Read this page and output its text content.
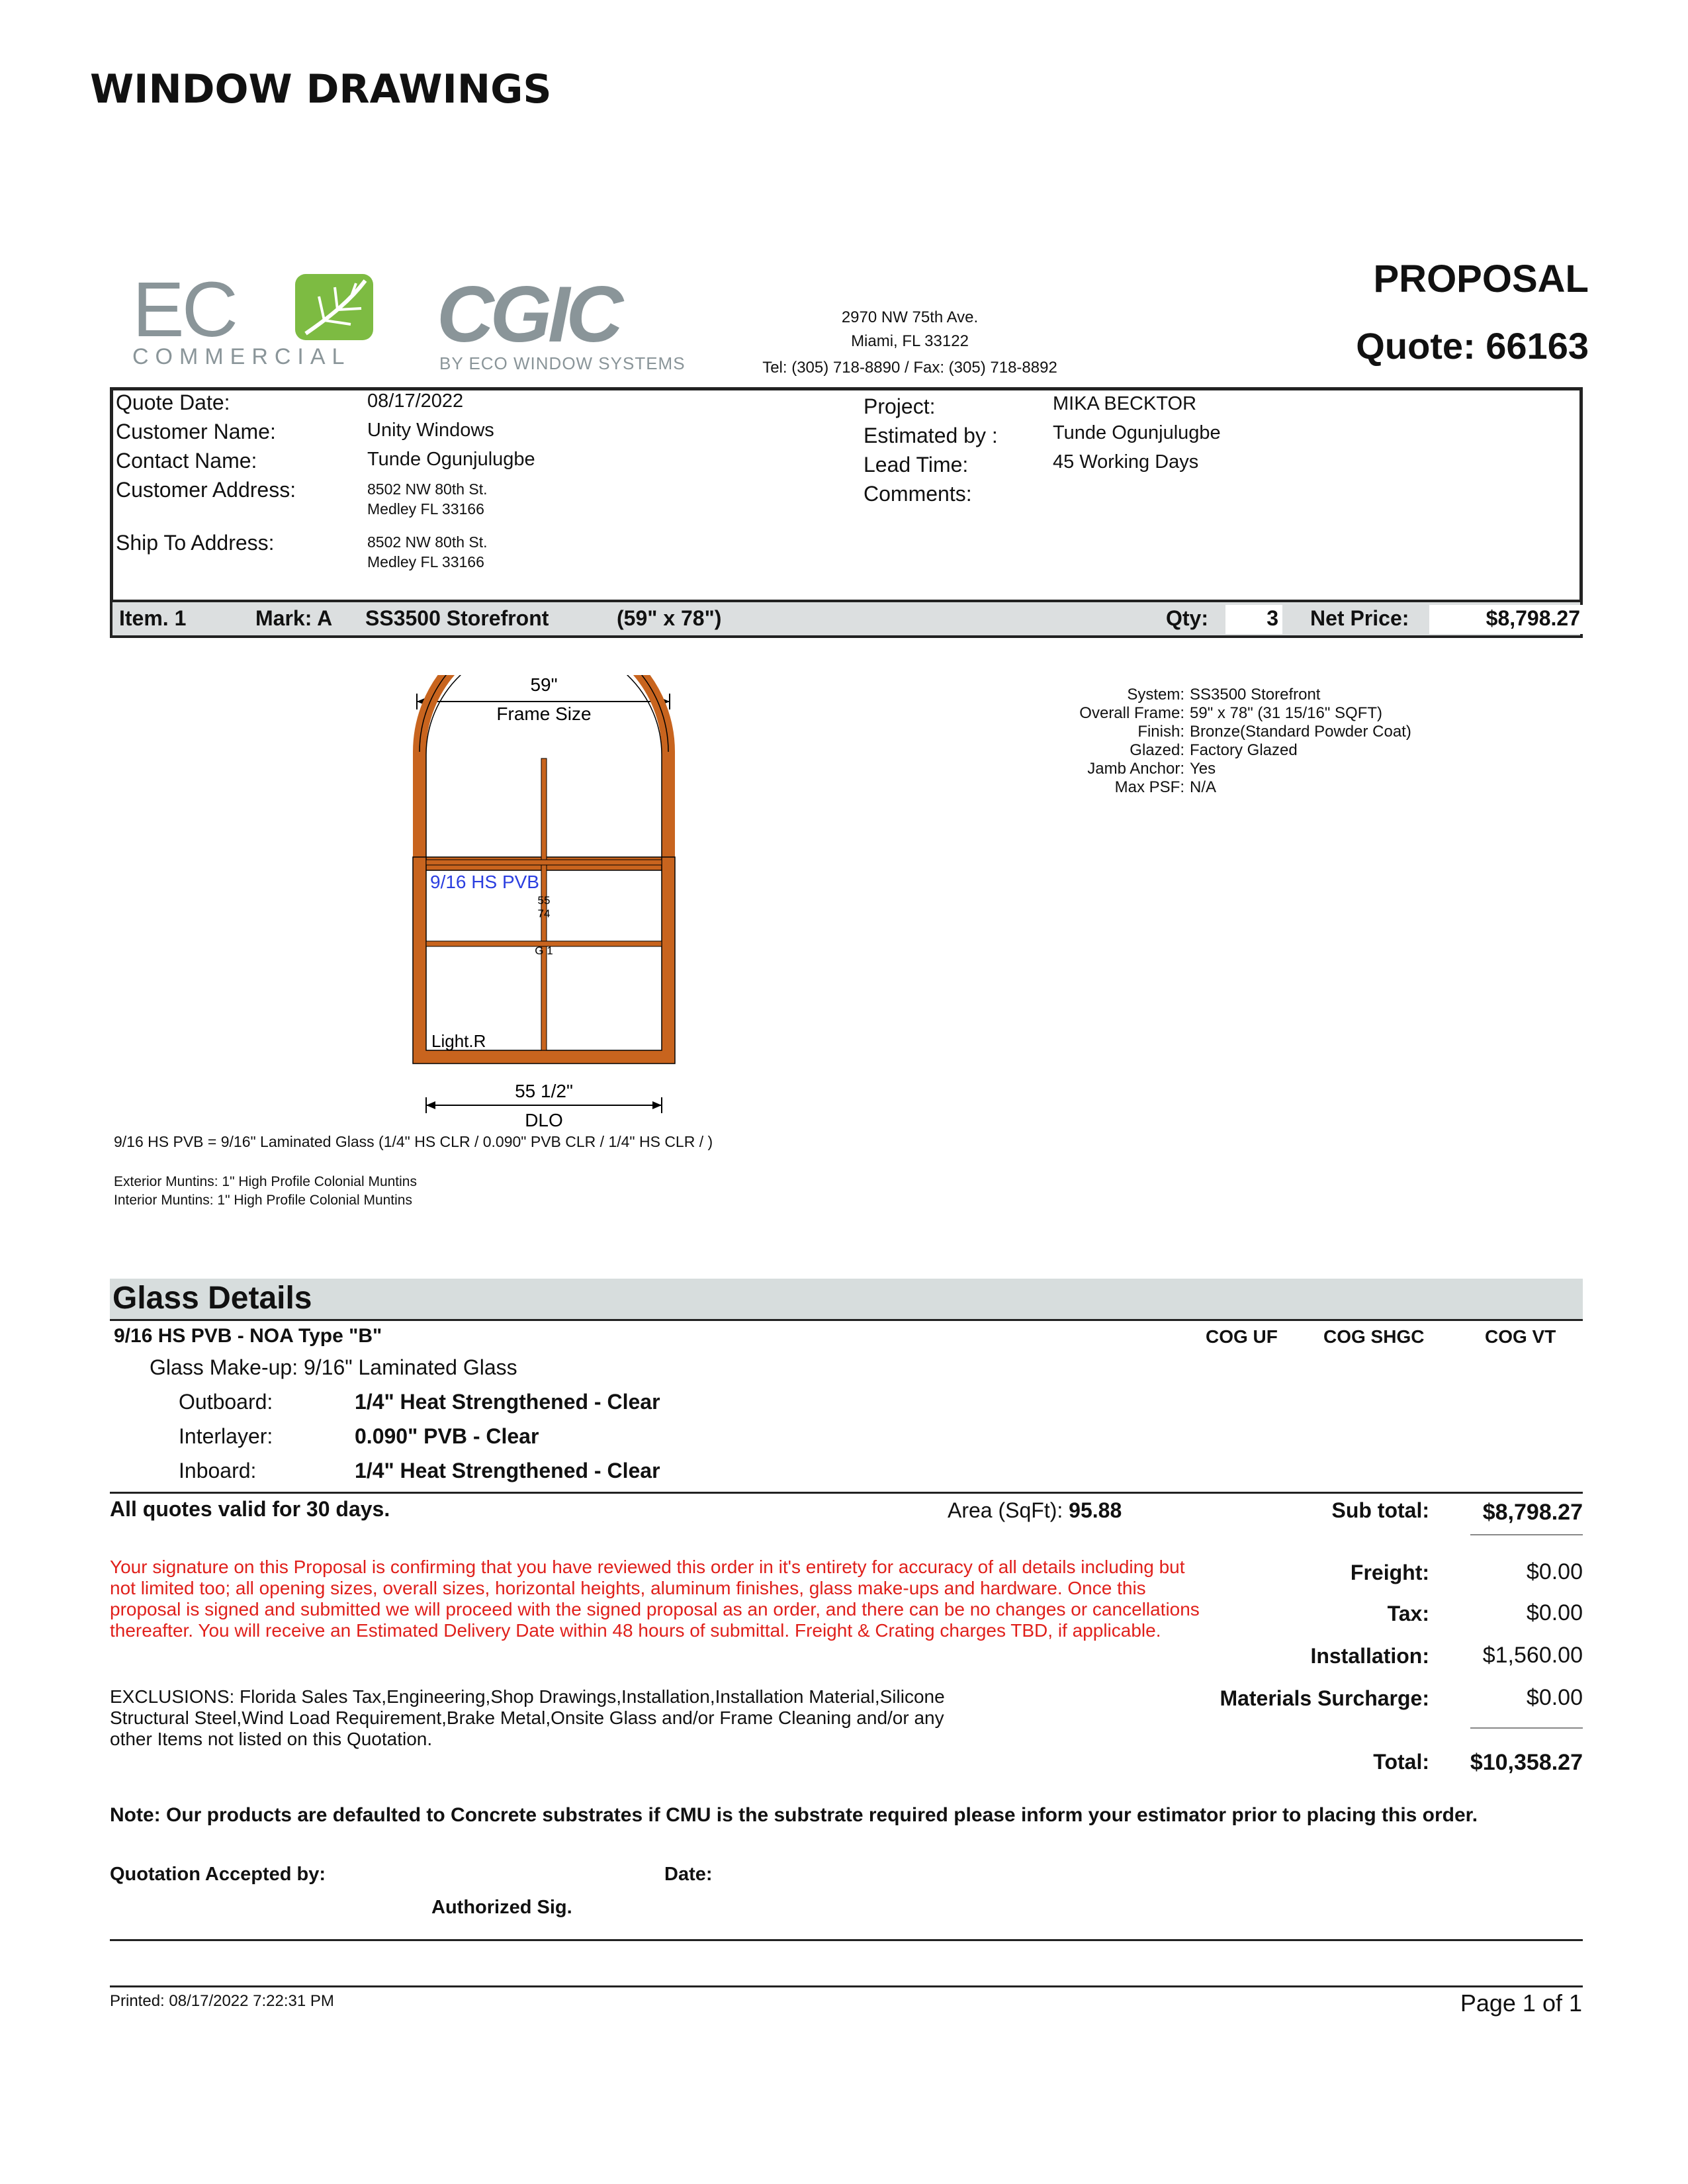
WINDOW DRAWINGS
EC
COMMERCIAL CGIC
BY ECO WINDOW SYSTEMS
2970 NW 75th Ave.
Miami, FL 33122
Tel: (305) 718-8890 / Fax: (305) 718-8892
PROPOSAL
Quote: 66163
Quote Date:	08/17/2022
Customer Name:	Unity Windows
Contact Name:	Tunde Ogunjulugbe
Customer Address:	8502 NW 80th St.
Medley FL 33166
Ship To Address:	8502 NW 80th St.
Medley FL 33166
Project:	MIKA BECKTOR
Estimated by :	Tunde Ogunjulugbe
Lead Time:	45 Working Days
Comments:
Item. 1	Mark: A SS3500 Storefront	(59" x 78")	Qty:	3 Net Price:	$8,798.27
59"
Frame Size
9/16 HS PVB
55
74
G 1
Light.R
55 1/2"
DLO
System: SS3500 Storefront
Overall Frame: 59" x 78" (31 15/16" SQFT)
Finish: Bronze(Standard Powder Coat)
Glazed: Factory Glazed
Jamb Anchor: Yes
Max PSF: N/A
9/16 HS PVB = 9/16" Laminated Glass (1/4" HS CLR / 0.090" PVB CLR / 1/4" HS CLR / )
Exterior Muntins: 1" High Profile Colonial Muntins
Interior Muntins: 1" High Profile Colonial Muntins
Glass Details
9/16 HS PVB - NOA Type "B"	COG UF COG SHGC	COG VT
Glass Make-up: 9/16" Laminated Glass
Outboard:	1/4" Heat Strengthened - Clear
Interlayer:	0.090" PVB - Clear
Inboard:	1/4" Heat Strengthened - Clear
All quotes valid for 30 days.	Area (SqFt): 95.88	Sub total:	$8,798.27
Freight:	$0.00
Tax:	$0.00
Installation:	$1,560.00
Materials Surcharge:	$0.00
Total:	$10,358.27
Your signature on this Proposal is confirming that you have reviewed this order in it's entirety for accuracy of all details including but not limited too; all opening sizes, overall sizes, horizontal heights, aluminum finishes, glass make-ups and hardware. Once this proposal is signed and submitted we will proceed with the signed proposal as an order, and there can be no changes or cancellations thereafter. You will receive an Estimated Delivery Date within 48 hours of submittal. Freight & Crating charges TBD, if applicable.
EXCLUSIONS: Florida Sales Tax,Engineering,Shop Drawings,Installation,Installation Material,Silicone Structural Steel,Wind Load Requirement,Brake Metal,Onsite Glass and/or Frame Cleaning and/or any other Items not listed on this Quotation.
Note: Our products are defaulted to Concrete substrates if CMU is the substrate required please inform your estimator prior to placing this order.
Quotation Accepted by:	Date:
Authorized Sig.
Printed: 08/17/2022 7:22:31 PM	Page 1 of 1
